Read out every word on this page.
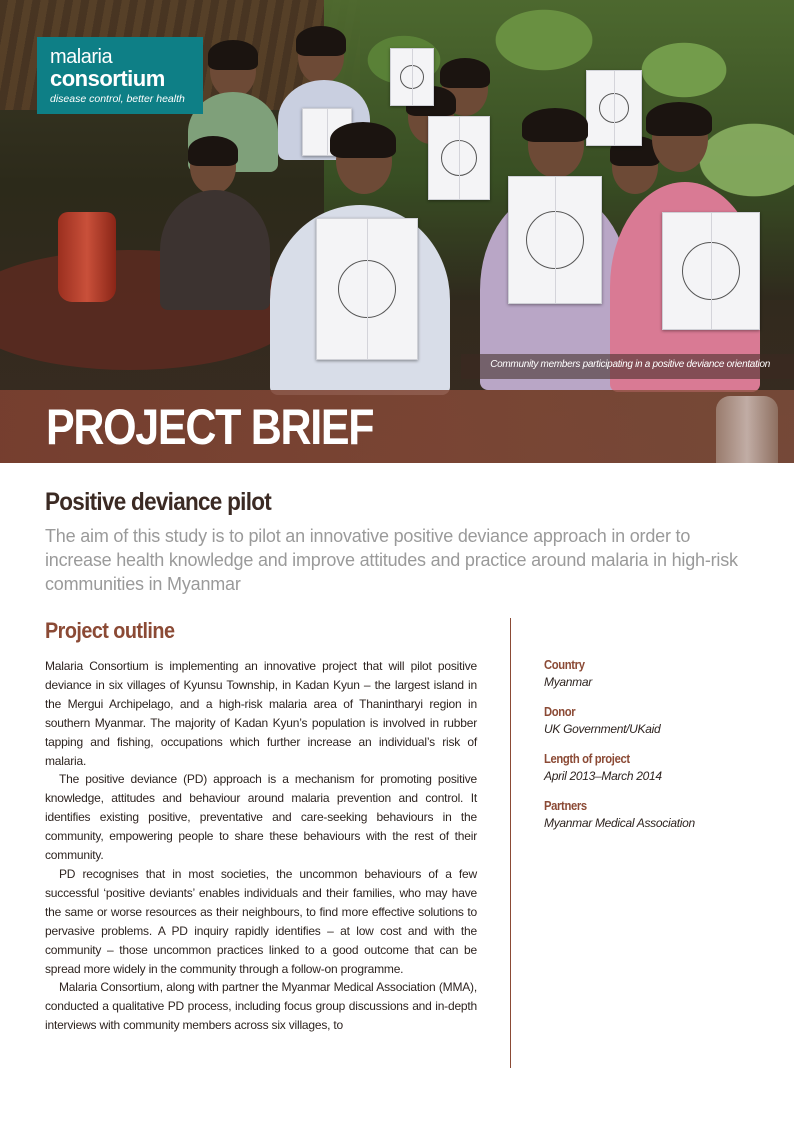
Community members participating in a positive deviance orientation
malaria
consortium
disease control, better health
PROJECT BRIEF
Positive deviance pilot

The aim of this study is to pilot an innovative positive deviance approach in order to increase health knowledge and improve attitudes and practice around malaria in high-risk communities in Myanmar

Project outline

Malaria Consortium is implementing an innovative project that will pilot positive deviance in six villages of Kyunsu Township, in Kadan Kyun – the largest island in the Mergui Archipelago, and a high-risk malaria area of Thanintharyi region in southern Myanmar. The majority of Kadan Kyun’s population is involved in rubber tapping and fishing, occupations which further increase an individual’s risk of malaria.

The positive deviance (PD) approach is a mechanism for promoting positive knowledge, attitudes and behaviour around malaria prevention and control. It identifies existing positive, preventative and care-seeking behaviours in the community, empowering people to share these behaviours with the rest of their community.

PD recognises that in most societies, the uncommon behaviours of a few successful ‘positive deviants’ enables individuals and their families, who may have the same or worse resources as their neighbours, to find more effective solutions to pervasive problems. A PD inquiry rapidly identifies – at low cost and with the community – those uncommon practices linked to a good outcome that can be spread more widely in the community through a follow-on programme.

Malaria Consortium, along with partner the Myanmar Medical Association (MMA), conducted a qualitative PD process, including focus group discussions and in-depth interviews with community members across six villages, to

Country
Myanmar
Donor
UK Government/UKaid
Length of project
April 2013–March 2014
Partners
Myanmar Medical Association
